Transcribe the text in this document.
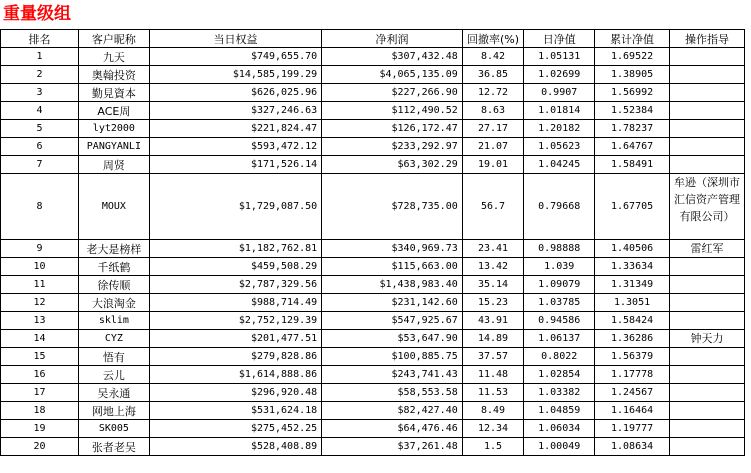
重量级组
排名	客户昵称	当日权益	净利润	回撤率(%)	日净值	累计净值	操作指导
1	九天	$749,655.70	$307,432.48	8.42	1.05131	1.69522	
2	奥翰投资	$14,585,199.29	$4,065,135.09	36.85	1.02699	1.38905	
3	勤見資本	$626,025.96	$227,266.90	12.72	0.9907	1.56992	
4	ACE周	$327,246.63	$112,490.52	8.63	1.01814	1.52384	
5	lyt2000	$221,824.47	$126,172.47	27.17	1.20182	1.78237	
6	PANGYANLI	$593,472.12	$233,292.97	21.07	1.05623	1.64767	
7	周贤	$171,526.14	$63,302.29	19.01	1.04245	1.58491	
8	MOUX	$1,729,087.50	$728,735.00	56.7	0.79668	1.67705	牟逊（深圳市汇信资产管理有限公司）
9	老大是榜样	$1,182,762.81	$340,969.73	23.41	0.98888	1.40506	雷红军
10	千纸鹤	$459,508.29	$115,663.00	13.42	1.039	1.33634	
11	徐传顺	$2,787,329.56	$1,438,983.40	35.14	1.09079	1.31349	
12	大浪淘金	$988,714.49	$231,142.60	15.23	1.03785	1.3051	
13	sklim	$2,752,129.39	$547,925.67	43.91	0.94586	1.58424	
14	CYZ	$201,477.51	$53,647.90	14.89	1.06137	1.36286	钟天力
15	悟有	$279,828.86	$100,885.75	37.57	0.8022	1.56379	
16	云儿	$1,614,888.86	$243,741.43	11.48	1.02854	1.17778	
17	吴永通	$296,920.48	$58,553.58	11.53	1.03382	1.24567	
18	网地上海	$531,624.18	$82,427.40	8.49	1.04859	1.16464	
19	SK005	$275,452.25	$64,476.46	12.34	1.06034	1.19777	
20	张者老吴	$528,408.89	$37,261.48	1.5	1.00049	1.08634	
